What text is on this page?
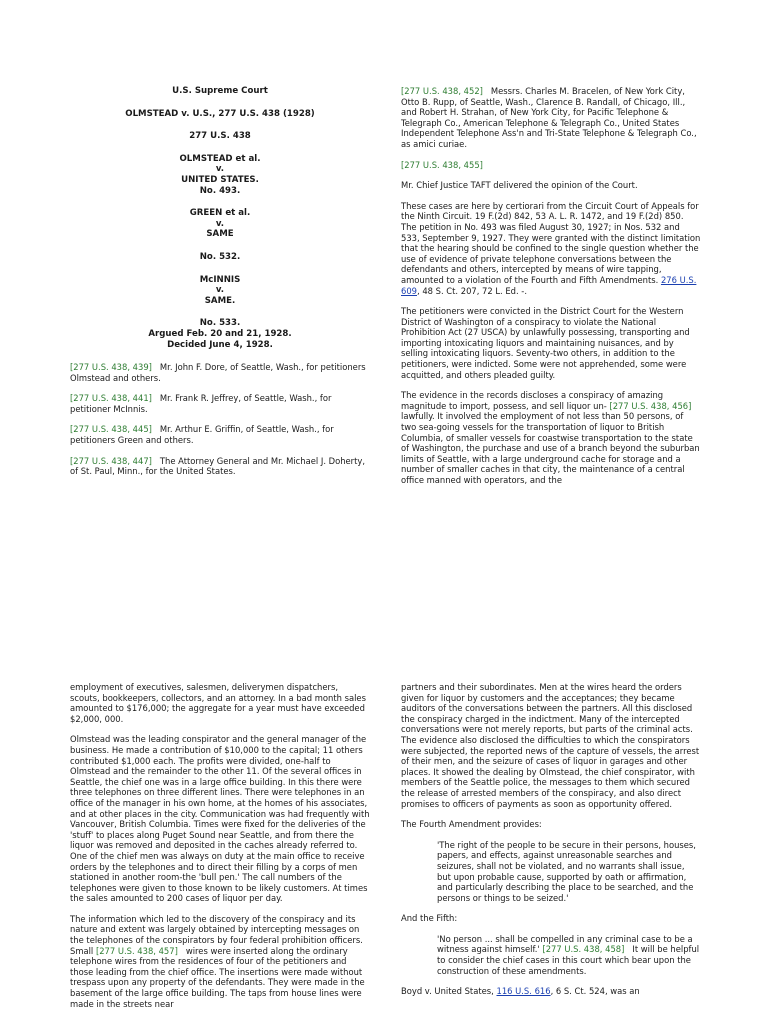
U.S. Supreme Court
OLMSTEAD v. U.S., 277 U.S. 438 (1928)
277 U.S. 438
OLMSTEAD et al.
v.
UNITED STATES.
No. 493.
GREEN et al.
v.
SAME
No. 532.
McINNIS
v.
SAME.
No. 533.
Argued Feb. 20 and 21, 1928.
Decided June 4, 1928.

[277 U.S. 438, 439] Mr. John F. Dore, of Seattle, Wash., for petitioners Olmstead and others.

[277 U.S. 438, 441] Mr. Frank R. Jeffrey, of Seattle, Wash., for petitioner McInnis.

[277 U.S. 438, 445] Mr. Arthur E. Griffin, of Seattle, Wash., for petitioners Green and others.

[277 U.S. 438, 447] The Attorney General and Mr. Michael J. Doherty, of St. Paul, Minn., for the United States.

[277 U.S. 438, 452] Messrs. Charles M. Bracelen, of New York City, Otto B. Rupp, of Seattle, Wash., Clarence B. Randall, of Chicago, Ill., and Robert H. Strahan, of New York City, for Pacific Telephone & Telegraph Co., American Telephone & Telegraph Co., United States Independent Telephone Ass'n and Tri-State Telephone & Telegraph Co., as amici curiae.

[277 U.S. 438, 455]

Mr. Chief Justice TAFT delivered the opinion of the Court.

These cases are here by certiorari from the Circuit Court of Appeals for the Ninth Circuit. 19 F.(2d) 842, 53 A. L. R. 1472, and 19 F.(2d) 850. The petition in No. 493 was filed August 30, 1927; in Nos. 532 and 533, September 9, 1927. They were granted with the distinct limitation that the hearing should be confined to the single question whether the use of evidence of private telephone conversations between the defendants and others, intercepted by means of wire tapping, amounted to a violation of the Fourth and Fifth Amendments. 276 U.S. 609, 48 S. Ct. 207, 72 L. Ed. -.

The petitioners were convicted in the District Court for the Western District of Washington of a conspiracy to violate the National Prohibition Act (27 USCA) by unlawfully possessing, transporting and importing intoxicating liquors and maintaining nuisances, and by selling intoxicating liquors. Seventy-two others, in addition to the petitioners, were indicted. Some were not apprehended, some were acquitted, and others pleaded guilty.

The evidence in the records discloses a conspiracy of amazing magnitude to import, possess, and sell liquor un- [277 U.S. 438, 456]   lawfully. It involved the employment of not less than 50 persons, of two sea-going vessels for the transportation of liquor to British Columbia, of smaller vessels for coastwise transportation to the state of Washington, the purchase and use of a branch beyond the suburban limits of Seattle, with a large underground cache for storage and a number of smaller caches in that city, the maintenance of a central office manned with operators, and the

employment of executives, salesmen, deliverymen dispatchers, scouts, bookkeepers, collectors, and an attorney. In a bad month sales amounted to $176,000; the aggregate for a year must have exceeded $2,000, 000.

Olmstead was the leading conspirator and the general manager of the business. He made a contribution of $10,000 to the capital; 11 others contributed $1,000 each. The profits were divided, one-half to Olmstead and the remainder to the other 11. Of the several offices in Seattle, the chief one was in a large office building. In this there were three telephones on three different lines. There were telephones in an office of the manager in his own home, at the homes of his associates, and at other places in the city. Communication was had frequently with Vancouver, British Columbia. Times were fixed for the deliveries of the 'stuff' to places along Puget Sound near Seattle, and from there the liquor was removed and deposited in the caches already referred to. One of the chief men was always on duty at the main office to receive orders by the telephones and to direct their filling by a corps of men stationed in another room-the 'bull pen.' The call numbers of the telephones were given to those known to be likely customers. At times the sales amounted to 200 cases of liquor per day.

The information which led to the discovery of the conspiracy and its nature and extent was largely obtained by intercepting messages on the telephones of the conspirators by four federal prohibition officers. Small [277 U.S. 438, 457] wires were inserted along the ordinary telephone wires from the residences of four of the petitioners and those leading from the chief office. The insertions were made without trespass upon any property of the defendants. They were made in the basement of the large office building. The taps from house lines were made in the streets near

partners and their subordinates. Men at the wires heard the orders given for liquor by customers and the acceptances; they became auditors of the conversations between the partners. All this disclosed the conspiracy charged in the indictment. Many of the intercepted conversations were not merely reports, but parts of the criminal acts. The evidence also disclosed the difficulties to which the conspirators were subjected, the reported news of the capture of vessels, the arrest of their men, and the seizure of cases of liquor in garages and other places. It showed the dealing by Olmstead, the chief conspirator, with members of the Seattle police, the messages to them which secured the release of arrested members of the conspiracy, and also direct promises to officers of payments as soon as opportunity offered.

The Fourth Amendment provides:

'The right of the people to be secure in their persons, houses, papers, and effects, against unreasonable searches and seizures, shall not be violated, and no warrants shall issue, but upon probable cause, supported by oath or affirmation, and particularly describing the place to be searched, and the persons or things to be seized.'

And the Fifth:

'No person ... shall be compelled in any criminal case to be a witness against himself.' [277 U.S. 438, 458] It will be helpful to consider the chief cases in this court which bear upon the construction of these amendments.

Boyd v. United States, 116 U.S. 616, 6 S. Ct. 524, was an
